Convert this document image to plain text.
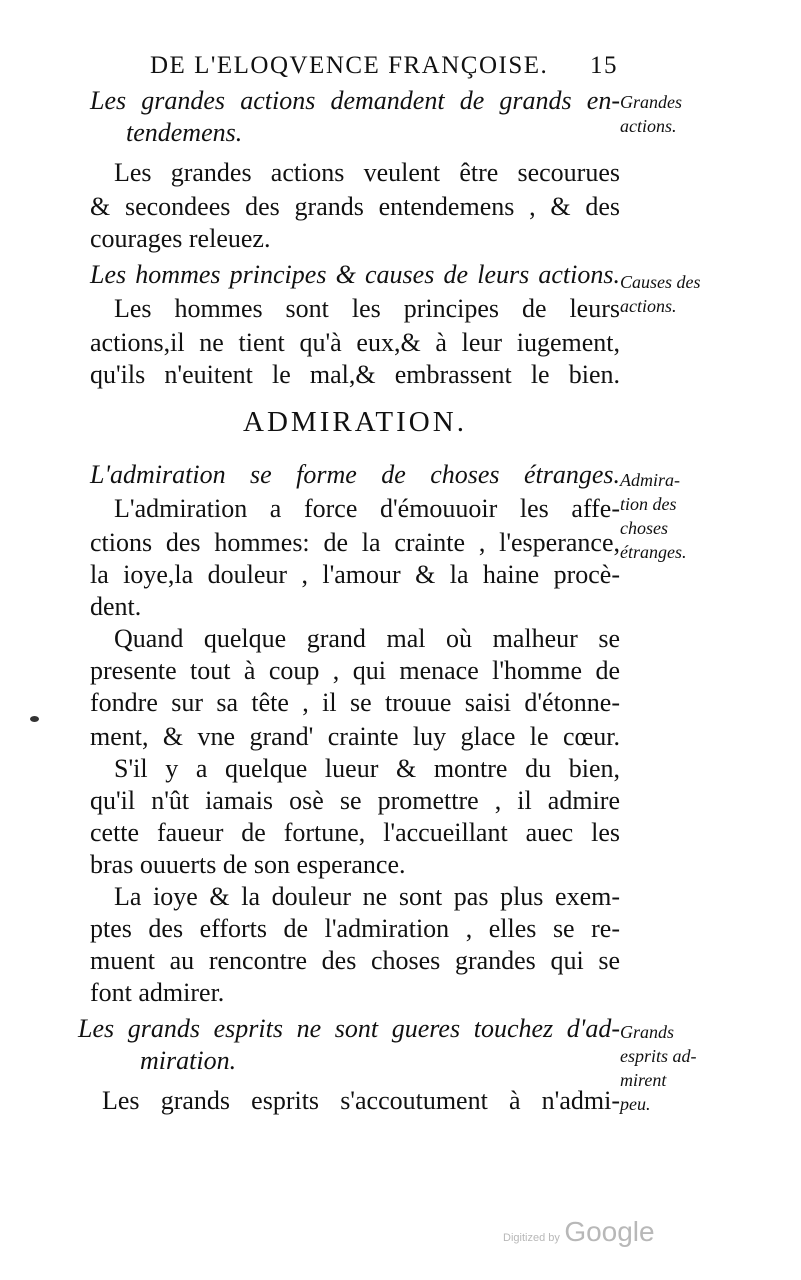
DE L'ELOQVENCE FRANÇOISE. 15
Les grandes actions demandent de grands en-
tendemens.
Les grandes actions veulent être secourues
& secondees des grands entendemens , & des
courages releuez.
Les hommes principes & causes de leurs actions.
Les hommes sont les principes de leurs
actions,il ne tient qu'à eux,& à leur iugement,
qu'ils n'euitent le mal,& embrassent le bien.
L'admiration se forme de choses étranges.
L'admiration a force d'émouuoir les affe-
ctions des hommes: de la crainte , l'esperance,
la ioye,la douleur , l'amour & la haine procè-
dent.
Quand quelque grand mal où malheur se
presente tout à coup , qui menace l'homme de
fondre sur sa tête , il se trouue saisi d'étonne-
ment, & vne grand' crainte luy glace le cœur.
S'il y a quelque lueur & montre du bien,
qu'il n'ût iamais osè se promettre , il admire
cette faueur de fortune, l'accueillant auec les
bras ouuerts de son esperance.
La ioye & la douleur ne sont pas plus exem-
ptes des efforts de l'admiration , elles se re-
muent au rencontre des choses grandes qui se
font admirer.
Les grands esprits ne sont gueres touchez d'ad-
miration.
Les grands esprits s'accoutument à n'admi-
ADMIRATION.
Grandes
actions.
Causes des
actions.
Admira-
tion des
choses
étranges.
Grands
esprits ad-
mirent
peu.
Digitized by Google
